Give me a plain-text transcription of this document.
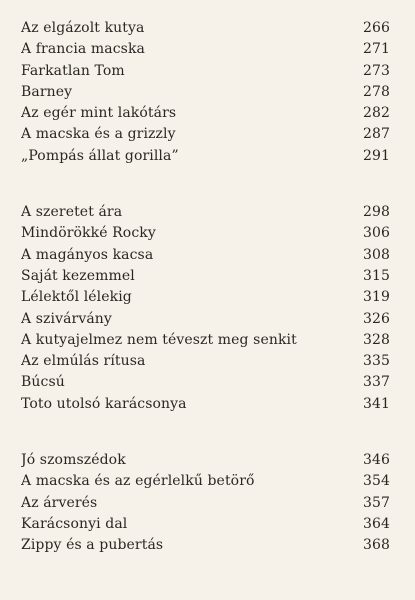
Az elgázolt kutya	266
A francia macska	271
Farkatlan Tom	273
Barney	278
Az egér mint lakótárs	282
A macska és a grizzly	287
„Pompás állat gorilla”	291
A szeretet ára	298
Mindörökké Rocky	306
A magányos kacsa	308
Saját kezemmel	315
Lélektől lélekig	319
A szivárvány	326
A kutyajelmez nem téveszt meg senkit	328
Az elmúlás rítusa	335
Búcsú	337
Toto utolsó karácsonya	341
Jó szomszédok	346
A macska és az egérlelkű betörő	354
Az árverés	357
Karácsonyi dal	364
Zippy és a pubertás	368
